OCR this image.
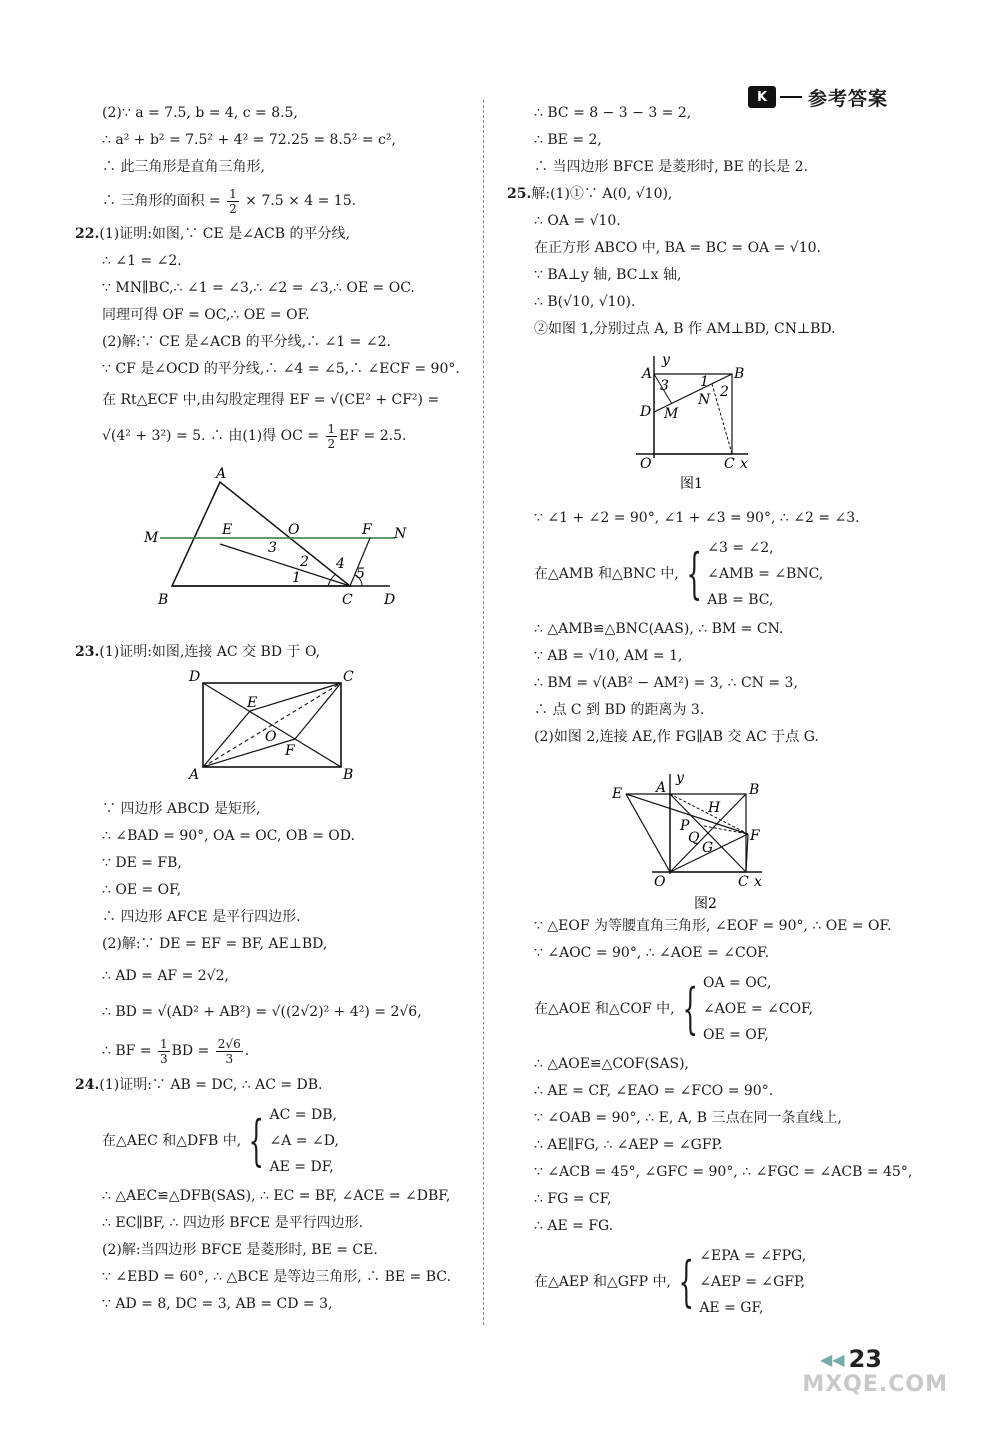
K	参考答案
(2)∵ a = 7.5, b = 4, c = 8.5,
∴ a² + b² = 7.5² + 4² = 72.25 = 8.5² = c²,
∴ 此三角形是直角三角形,
∴ 三角形的面积 = $\frac{1}{2} \times 7.5 \times 4 = 15$.
22.(1)证明:如图,∵ CE 是∠ACB 的平分线,
∴ ∠1 = ∠2.
∵ MN∥BC,∴ ∠1 = ∠3,∴ ∠2 = ∠3,∴ OE = OC.
同理可得 OF = OC,∴ OE = OF.
(2)解:∵ CE 是∠ACB 的平分线,∴ ∠1 = ∠2.
∵ CF 是∠OCD 的平分线,∴ ∠4 = ∠5,∴ ∠ECF = 90°.
在 Rt△ECF 中,由勾股定理得 EF = √(CE² + CF²) =
√(4² + 3²) = 5. ∴ 由(1)得 OC = $\frac{1}{2}$ EF = 2.5.
23.(1)证明:如图,连接 AC 交 BD 于 O,
∵ 四边形 ABCD 是矩形,
∴ ∠BAD = 90°, OA = OC, OB = OD.
∵ DE = FB,
∴ OE = OF,
∴ 四边形 AFCE 是平行四边形.
(2)解:∵ DE = EF = BF, AE⊥BD,
∴ AD = AF = 2√2,
∴ BD = √(AD² + AB²) = √((2√2)² + 4²) = 2√6,
∴ BF = $\frac{1}{3}$ BD = $\frac{2√6}{3}$ .
24.(1)证明:∵ AB = DC, ∴ AC = DB.
在△AEC 和△DFB 中, { AC = DB,
∠A = ∠D,
AE = DF,
∴ △AEC≌△DFB(SAS), ∴ EC = BF, ∠ACE = ∠DBF,
∴ EC∥BF, ∴ 四边形 BFCE 是平行四边形.
(2)解:当四边形 BFCE 是菱形时, BE = CE.
∵ ∠EBD = 60°, ∴ △BCE 是等边三角形, ∴ BE = BC.
∵ AD = 8, DC = 3, AB = CD = 3,
A
M	E	O	F N
B	C D
1
2
3
4
5
D	C
E
O
F
A	B
∴ BC = 8 − 3 − 3 = 2,
∴ BE = 2,
∴ 当四边形 BFCE 是菱形时, BE 的长是 2.
25.解:(1)①∵ A(0, √10),
∴ OA = √10.
在正方形 ABCO 中, BA = BC = OA = √10.
∵ BA⊥y 轴, BC⊥x 轴,
∴ B(√10, √10).
②如图 1,分别过点 A, B 作 AM⊥BD, CN⊥BD.
∵ ∠1 + ∠2 = 90°, ∠1 + ∠3 = 90°, ∴ ∠2 = ∠3.
在△AMB 和△BNC 中, { ∠3 = ∠2,
∠AMB = ∠BNC,
AB = BC,
∴ △AMB≌△BNC(AAS), ∴ BM = CN.
∵ AB = √10, AM = 1,
∴ BM = √(AB² − AM²) = 3, ∴ CN = 3,
∴ 点 C 到 BD 的距离为 3.
(2)如图 2,连接 AE,作 FG∥AB 交 AC 于点 G.
∵ △EOF 为等腰直角三角形, ∠EOF = 90°, ∴ OE = OF.
∵ ∠AOC = 90°, ∴ ∠AOE = ∠COF.
在△AOE 和△COF 中, { OA = OC,
∠AOE = ∠COF,
OE = OF,
∴ △AOE≌△COF(SAS),
∴ AE = CF, ∠EAO = ∠FCO = 90°.
∵ ∠OAB = 90°, ∴ E, A, B 三点在同一条直线上,
∴ AE∥FG, ∴ ∠AEP = ∠GFP.
∵ ∠ACB = 45°, ∠GFC = 90°, ∴ ∠FGC = ∠ACB = 45°,
∴ FG = CF,
∴ AE = FG.
在△AEP 和△GFP 中, { ∠EPA = ∠FPG,
∠AEP = ∠GFP,
AE = GF,
y
A	B
D M
N
O	C x
1
2
3
图1
E A
y
B
H
P
Q
G
F
O	C x
图2
◀◀ 23
MXQE.COM
